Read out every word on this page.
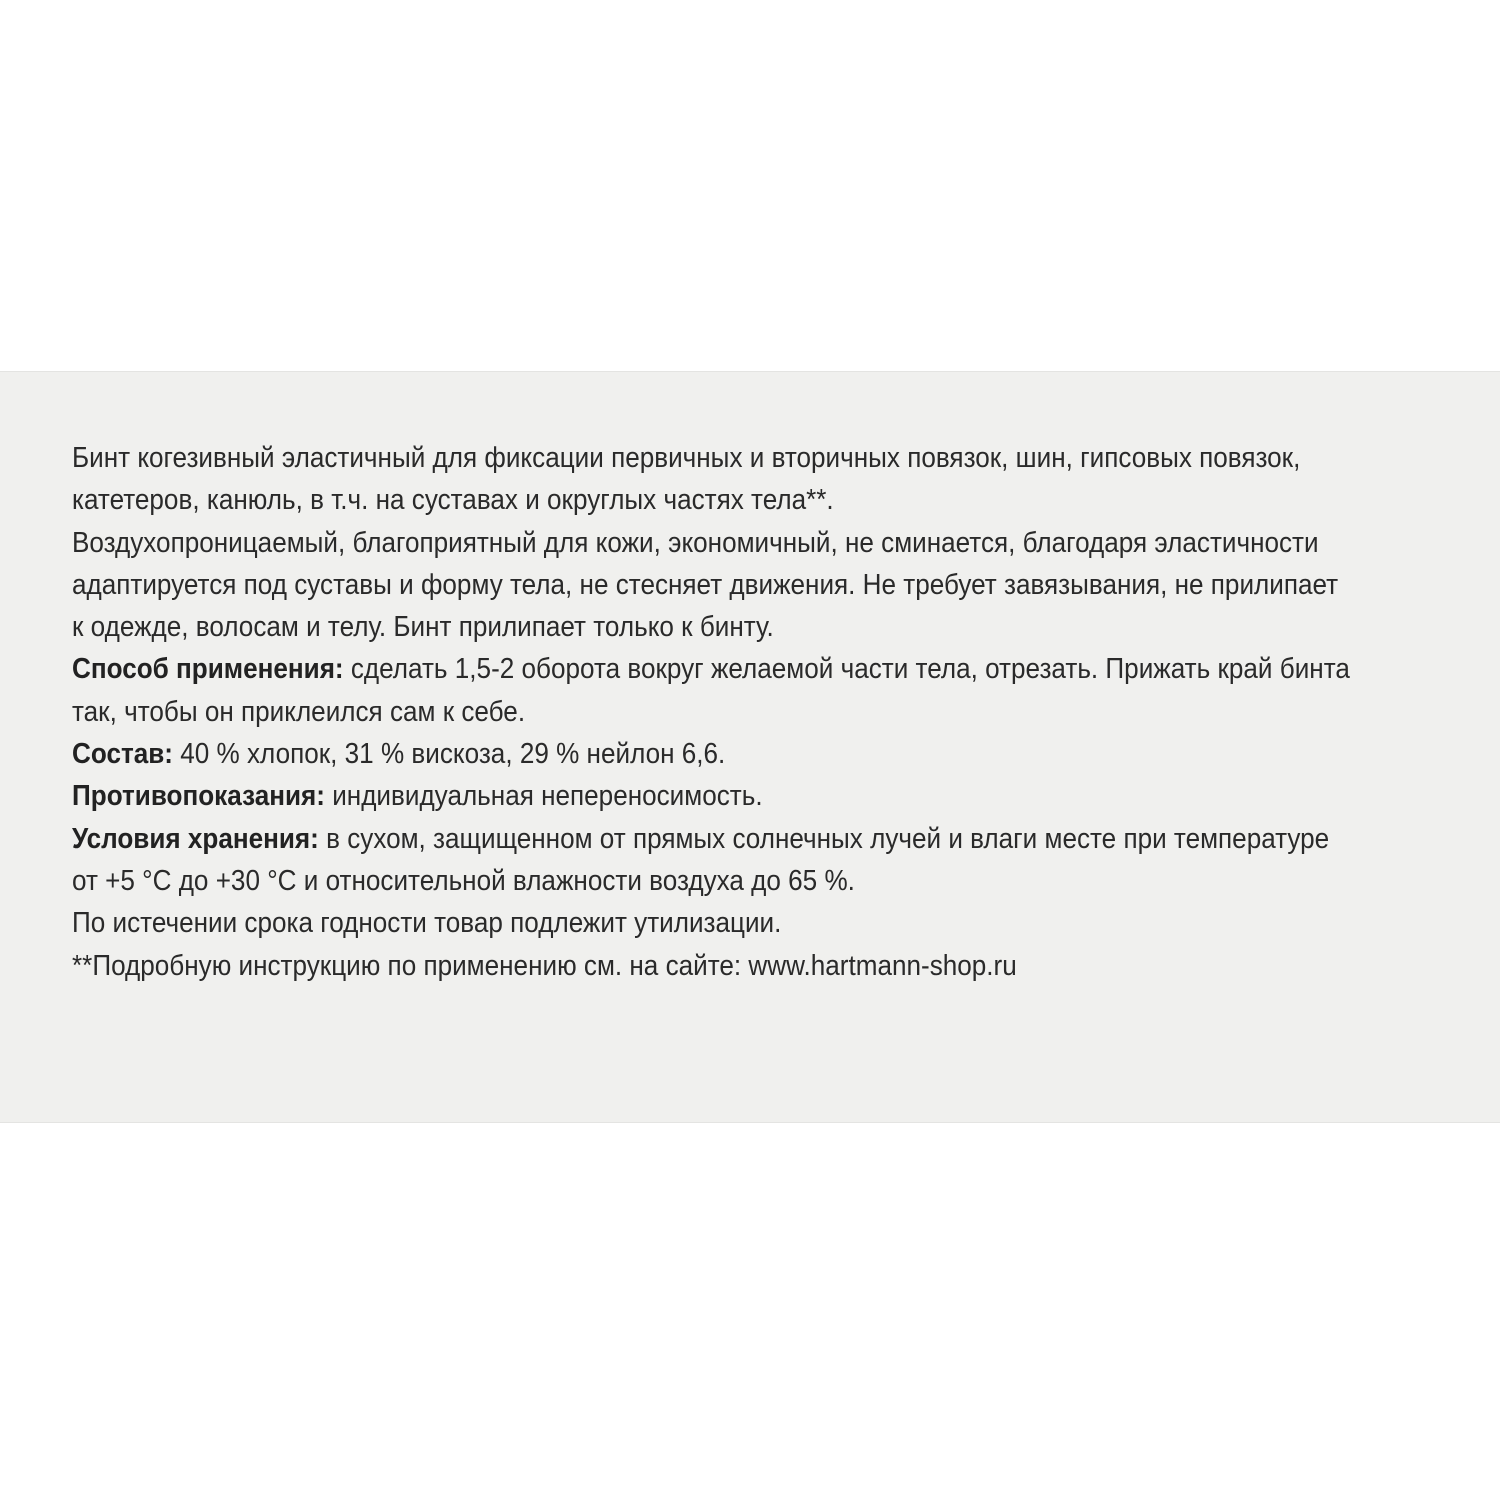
Бинт когезивный эластичный для фиксации первичных и вторичных повязок, шин, гипсовых повязок,
катетеров, канюль, в т.ч. на суставах и округлых частях тела**.
Воздухопроницаемый, благоприятный для кожи, экономичный, не сминается, благодаря эластичности
адаптируется под суставы и форму тела, не стесняет движения. Не требует завязывания, не прилипает
к одежде, волосам и телу. Бинт прилипает только к бинту.
Способ применения: сделать 1,5-2 оборота вокруг желаемой части тела, отрезать. Прижать край бинта
так, чтобы он приклеился сам к себе.
Состав: 40 % хлопок, 31 % вискоза, 29 % нейлон 6,6.
Противопоказания: индивидуальная непереносимость.
Условия хранения: в сухом, защищенном от прямых солнечных лучей и влаги месте при температуре
от +5 °С до +30 °С и относительной влажности воздуха до 65 %.
По истечении срока годности товар подлежит утилизации.
**Подробную инструкцию по применению см. на сайте: www.hartmann-shop.ru
